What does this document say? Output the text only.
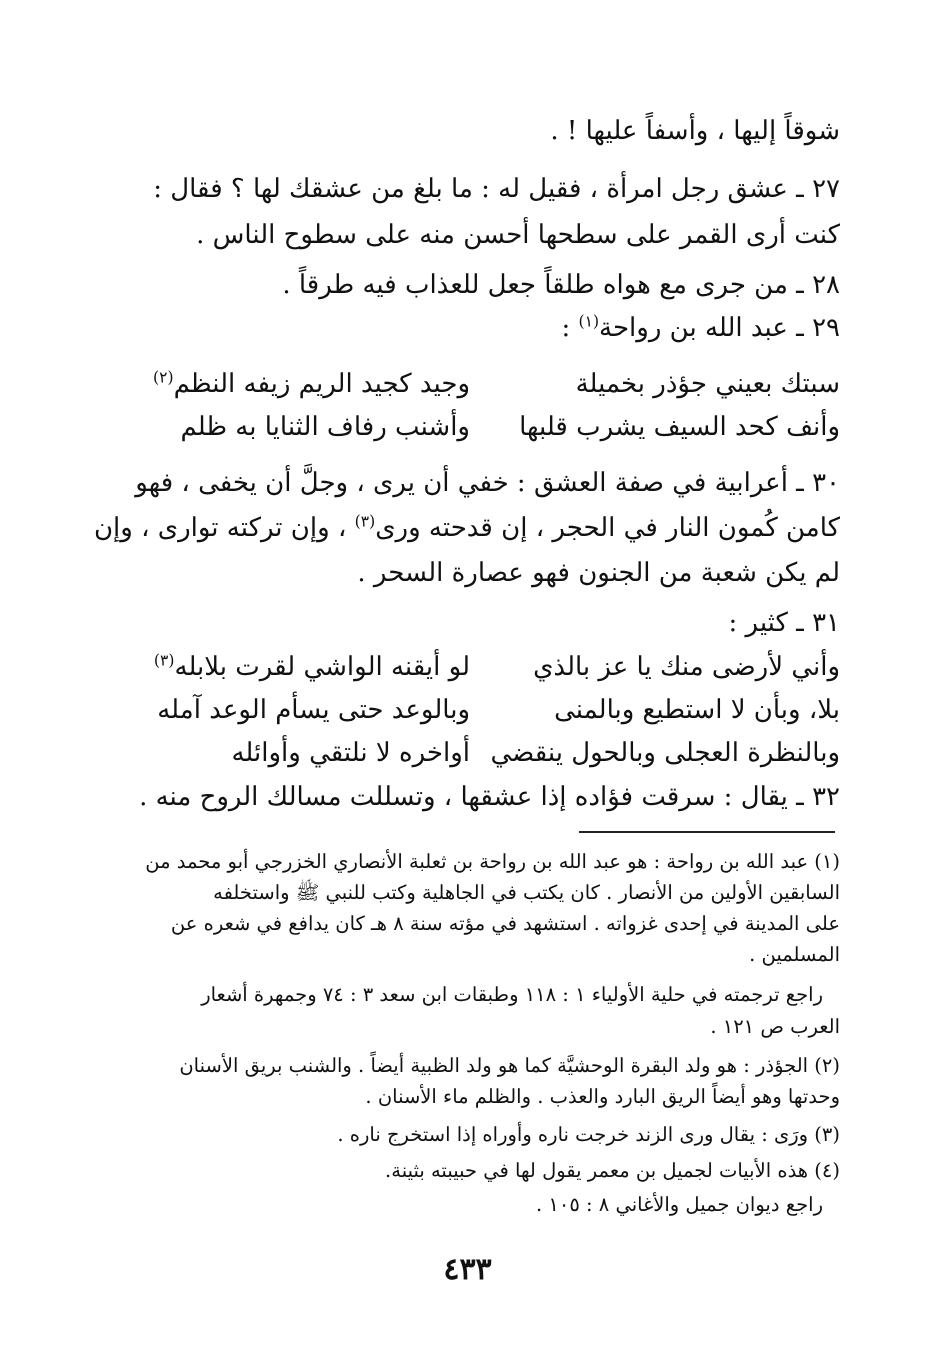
شوقاً إليها ، وأسفاً عليها ! .
٢٧ ـ عشق رجل امرأة ، فقيل له : ما بلغ من عشقك لها ؟ فقال :
كنت أرى القمر على سطحها أحسن منه على سطوح الناس .
٢٨ ـ من جرى مع هواه طلقاً جعل للعذاب فيه طرقاً .
٢٩ ـ عبد الله بن رواحة$^{(١)}$ :
سبتك بعيني جؤذر بخميلة
وجيد كجيد الريم زيفه النظم$^{(٢)}$
وأنف كحد السيف يشرب قلبها
وأشنب رفاف الثنايا به ظلم
٣٠ ـ أعرابية في صفة العشق : خفي أن يرى ، وجلَّ أن يخفى ، فهو
كامن كُمون النار في الحجر ، إن قدحته ورى$^{(٣)}$ ، وإن تركته توارى ، وإن
لم يكن شعبة من الجنون فهو عصارة السحر .
٣١ ـ كثير :
وأني لأرضى منك يا عز بالذي
لو أيقنه الواشي لقرت بلابله$^{(٣)}$
بلا، وبأن لا استطيع وبالمنى
وبالوعد حتى يسأم الوعد آمله
وبالنظرة العجلى وبالحول ينقضي
أواخره لا نلتقي وأوائله
٣٢ ـ يقال : سرقت فؤاده إذا عشقها ، وتسللت مسالك الروح منه .
(١) عبد الله بن رواحة : هو عبد الله بن رواحة بن ثعلبة الأنصاري الخزرجي أبو محمد من
السابقين الأولين من الأنصار . كان يكتب في الجاهلية وكتب للنبي ﷺ واستخلفه
على المدينة في إحدى غزواته . استشهد في مؤته سنة ٨ هـ كان يدافع في شعره عن
المسلمين .
راجع ترجمته في حلية الأولياء ١ : ١١٨ وطبقات ابن سعد ٣ : ٧٤ وجمهرة أشعار
العرب ص ١٢١ .
(٢) الجؤذر : هو ولد البقرة الوحشيَّة كما هو ولد الظبية أيضاً . والشنب بريق الأسنان
وحدتها وهو أيضاً الريق البارد والعذب . والظلم ماء الأسنان .
(٣) ورَى : يقال ورى الزند خرجت ناره وأوراه إذا استخرج ناره .
(٤) هذه الأبيات لجميل بن معمر يقول لها في حبيبته بثينة.
راجع ديوان جميل والأغاني ٨ : ١٠٥ .
٤٣٣
